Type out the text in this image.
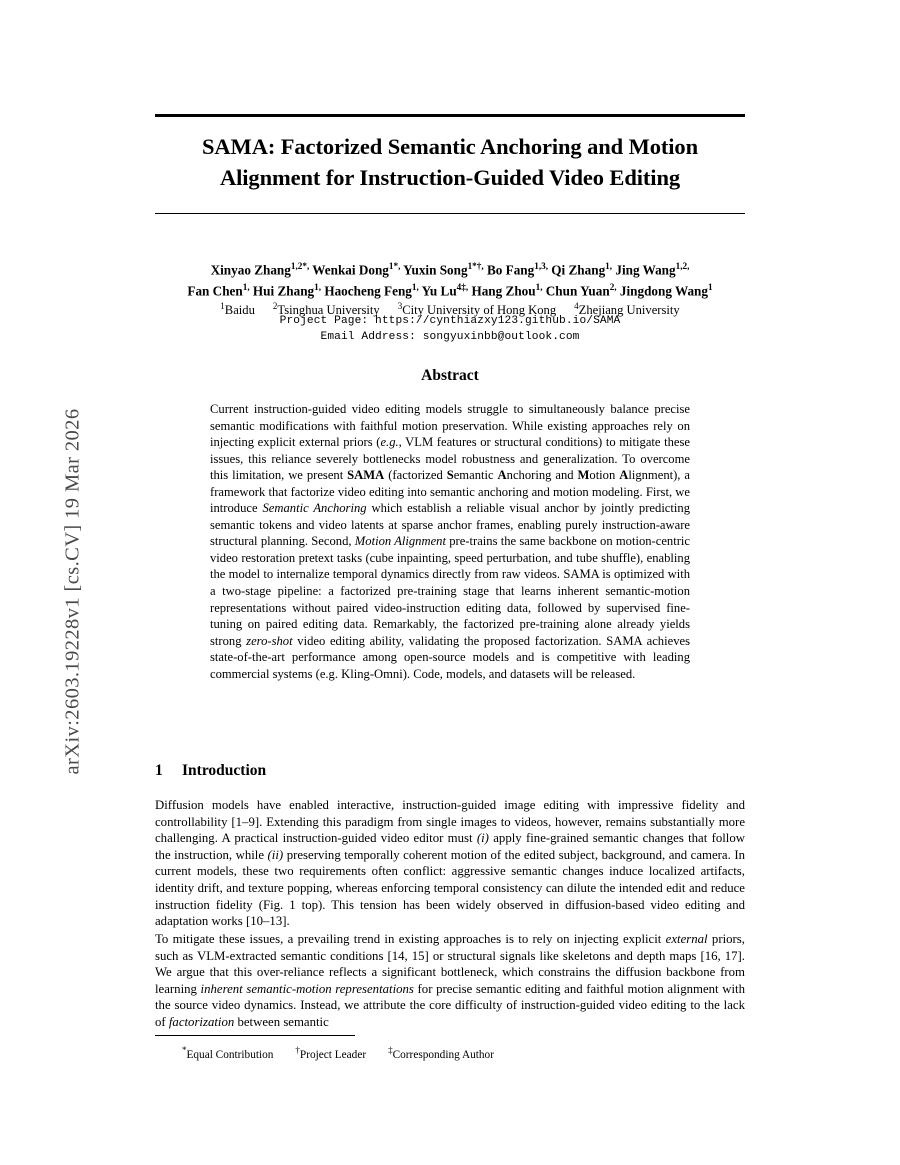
arXiv:2603.19228v1 [cs.CV] 19 Mar 2026
SAMA: Factorized Semantic Anchoring and Motion Alignment for Instruction-Guided Video Editing
Xinyao Zhang$^{1,2*,}$ Wenkai Dong$^{1*,}$ Yuxin Song$^{1*\dagger,}$ Bo Fang$^{1,3,}$ Qi Zhang$^{1,}$ Jing Wang$^{1,2,}$
Fan Chen$^{1,}$ Hui Zhang$^{1,}$ Haocheng Feng$^{1,}$ Yu $Lu^{4\ddagger,}$ Hang Zhou$^{1,}$ Chun Yuan$^{2,}$ Jingdong Wang$^1$
$^1$Baidu $^2$Tsinghua University $^3$City University of Hong Kong $^4$Zhejiang University
Project Page: https://cynthiazxy123.github.io/SAMA
Email Address: songyuxinbb@outlook.com
Abstract
Current instruction-guided video editing models struggle to simultaneously balance precise semantic modifications with faithful motion preservation. While existing approaches rely on injecting explicit external priors (e.g., VLM features or structural conditions) to mitigate these issues, this reliance severely bottlenecks model robustness and generalization. To overcome this limitation, we present SAMA (factorized Semantic Anchoring and Motion Alignment), a framework that factorize video editing into semantic anchoring and motion modeling. First, we introduce Semantic Anchoring which establish a reliable visual anchor by jointly predicting semantic tokens and video latents at sparse anchor frames, enabling purely instruction-aware structural planning. Second, Motion Alignment pre-trains the same backbone on motion-centric video restoration pretext tasks (cube inpainting, speed perturbation, and tube shuffle), enabling the model to internalize temporal dynamics directly from raw videos. SAMA is optimized with a two-stage pipeline: a factorized pre-training stage that learns inherent semantic-motion representations without paired video-instruction editing data, followed by supervised fine-tuning on paired editing data. Remarkably, the factorized pre-training alone already yields strong zero-shot video editing ability, validating the proposed factorization. SAMA achieves state-of-the-art performance among open-source models and is competitive with leading commercial systems (e.g. Kling-Omni). Code, models, and datasets will be released.
1 Introduction
Diffusion models have enabled interactive, instruction-guided image editing with impressive fidelity and controllability [1–9]. Extending this paradigm from single images to videos, however, remains substantially more challenging. A practical instruction-guided video editor must (i) apply fine-grained semantic changes that follow the instruction, while (ii) preserving temporally coherent motion of the edited subject, background, and camera. In current models, these two requirements often conflict: aggressive semantic changes induce localized artifacts, identity drift, and texture popping, whereas enforcing temporal consistency can dilute the intended edit and reduce instruction fidelity (Fig. 1 top). This tension has been widely observed in diffusion-based video editing and adaptation works [10–13].
To mitigate these issues, a prevailing trend in existing approaches is to rely on injecting explicit external priors, such as VLM-extracted semantic conditions [14, 15] or structural signals like skeletons and depth maps [16, 17]. We argue that this over-reliance reflects a significant bottleneck, which constrains the diffusion backbone from learning inherent semantic-motion representations for precise semantic editing and faithful motion alignment with the source video dynamics. Instead, we attribute the core difficulty of instruction-guided video editing to the lack of factorization between semantic
*Equal Contribution †Project Leader ‡Corresponding Author
